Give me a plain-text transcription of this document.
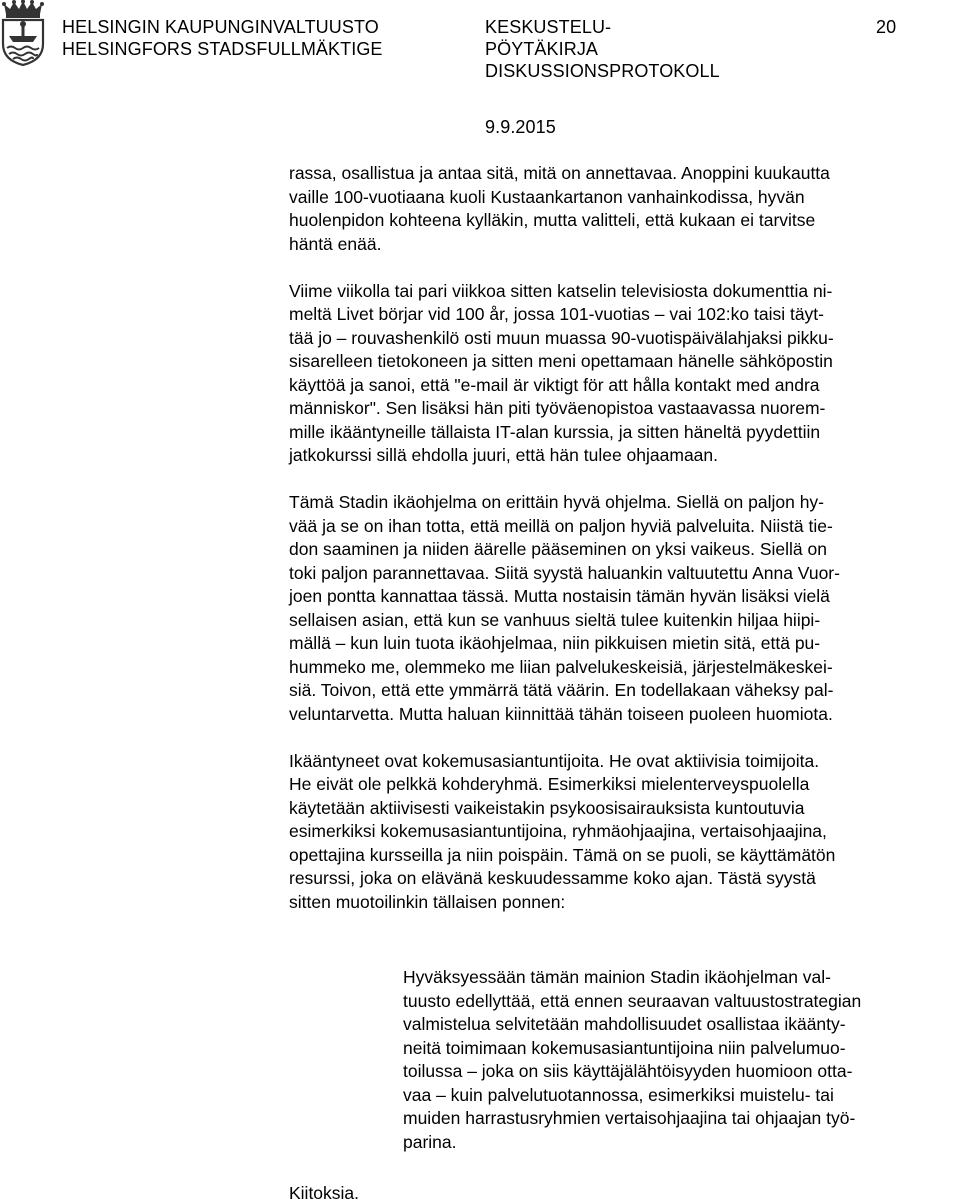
HELSINGIN KAUPUNGINVALTUUSTO
HELSINGFORS STADSFULLMÄKTIGE
KESKUSTELU-
PÖYTÄKIRJA
DISKUSSIONSPROTOKOLL
20
9.9.2015

rassa, osallistua ja antaa sitä, mitä on annettavaa. Anoppini kuukautta
vaille 100-vuotiaana kuoli Kustaankartanon vanhainkodissa, hyvän
huolenpidon kohteena kylläkin, mutta valitteli, että kukaan ei tarvitse
häntä enää.

Viime viikolla tai pari viikkoa sitten katselin televisiosta dokumenttia ni-
meltä Livet börjar vid 100 år, jossa 101-vuotias – vai 102:ko taisi täyt-
tää jo – rouvashenkilö osti muun muassa 90-vuotispäivälahjaksi pikku-
sisarelleen tietokoneen ja sitten meni opettamaan hänelle sähköpostin
käyttöä ja sanoi, että "e-mail är viktigt för att hålla kontakt med andra
människor". Sen lisäksi hän piti työväenopistoa vastaavassa nuorem-
mille ikääntyneille tällaista IT-alan kurssia, ja sitten häneltä pyydettiin
jatkokurssi sillä ehdolla juuri, että hän tulee ohjaamaan.

Tämä Stadin ikäohjelma on erittäin hyvä ohjelma. Siellä on paljon hy-
vää ja se on ihan totta, että meillä on paljon hyviä palveluita. Niistä tie-
don saaminen ja niiden äärelle pääseminen on yksi vaikeus. Siellä on
toki paljon parannettavaa. Siitä syystä haluankin valtuutettu Anna Vuor-
joen pontta kannattaa tässä. Mutta nostaisin tämän hyvän lisäksi vielä
sellaisen asian, että kun se vanhuus sieltä tulee kuitenkin hiljaa hiipi-
mällä – kun luin tuota ikäohjelmaa, niin pikkuisen mietin sitä, että pu-
hummeko me, olemmeko me liian palvelukeskeisiä, järjestelmäkeskei-
siä. Toivon, että ette ymmärrä tätä väärin. En todellakaan väheksy pal-
veluntarvetta. Mutta haluan kiinnittää tähän toiseen puoleen huomiota.

Ikääntyneet ovat kokemusasiantuntijoita. He ovat aktiivisia toimijoita.
He eivät ole pelkkä kohderyhmä. Esimerkiksi mielenterveyspuolella
käytetään aktiivisesti vaikeistakin psykoosisairauksista kuntoutuvia
esimerkiksi kokemusasiantuntijoina, ryhmäohjaajina, vertaisohjaajina,
opettajina kursseilla ja niin poispäin. Tämä on se puoli, se käyttämätön
resurssi, joka on elävänä keskuudessamme koko ajan. Tästä syystä
sitten muotoilinkin tällaisen ponnen:

Hyväksyessään tämän mainion Stadin ikäohjelman val-
tuusto edellyttää, että ennen seuraavan valtuustostrategian
valmistelua selvitetään mahdollisuudet osallistaa ikäänty-
neitä toimimaan kokemusasiantuntijoina niin palvelumuo-
toilussa – joka on siis käyttäjälähtöisyyden huomioon otta-
vaa – kuin palvelutuotannossa, esimerkiksi muistelu- tai
muiden harrastusryhmien vertaisohjaajina tai ohjaajan työ-
parina.

Kiitoksia.
